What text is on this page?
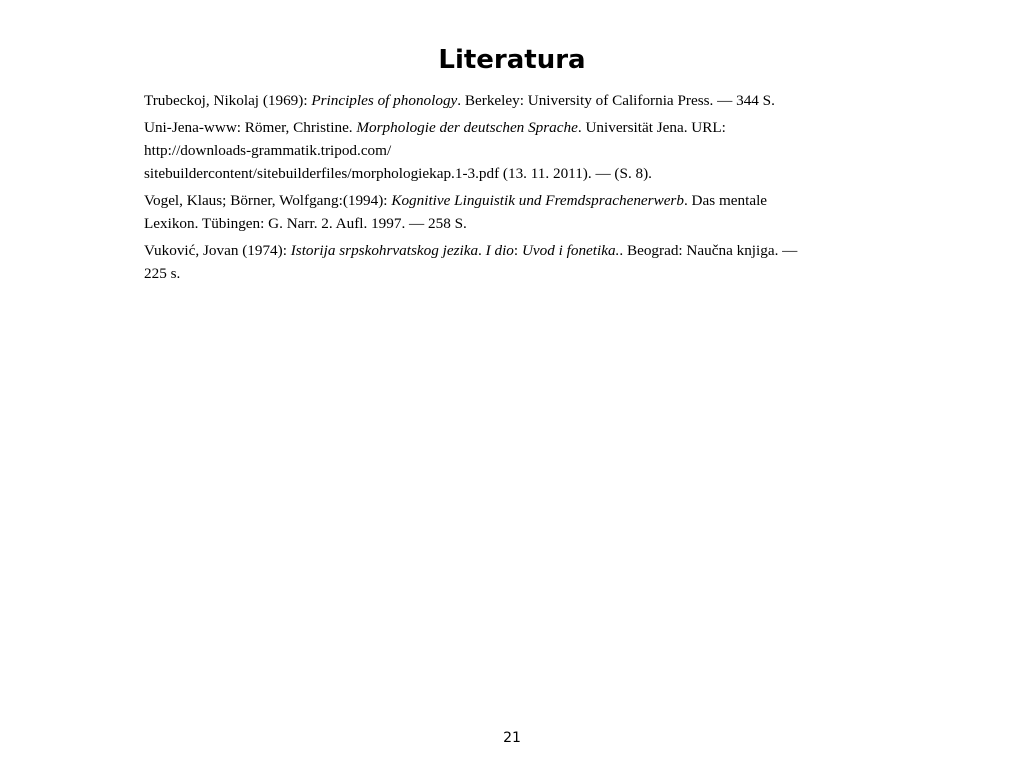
Literatura

Trubeckoj, Nikolaj (1969): Principles of phonology. Berkeley: University of California Press. — 344 S.

Uni-Jena-www: Römer, Christine. Morphologie der deutschen Sprache. Universität Jena. URL:
http://downloads-grammatik.tripod.com/
sitebuildercontent/sitebuilderfiles/morphologiekap.1-3.pdf (13. 11. 2011). — (S. 8).

Vogel, Klaus; Börner, Wolfgang:(1994): Kognitive Linguistik und Fremdsprachenerwerb. Das mentale
Lexikon. Tübingen: G. Narr. 2. Aufl. 1997. — 258 S.

Vuković, Jovan (1974): Istorija srpskohrvatskog jezika. I dio: Uvod i fonetika.. Beograd: Naučna knjiga. —
225 s.

21
